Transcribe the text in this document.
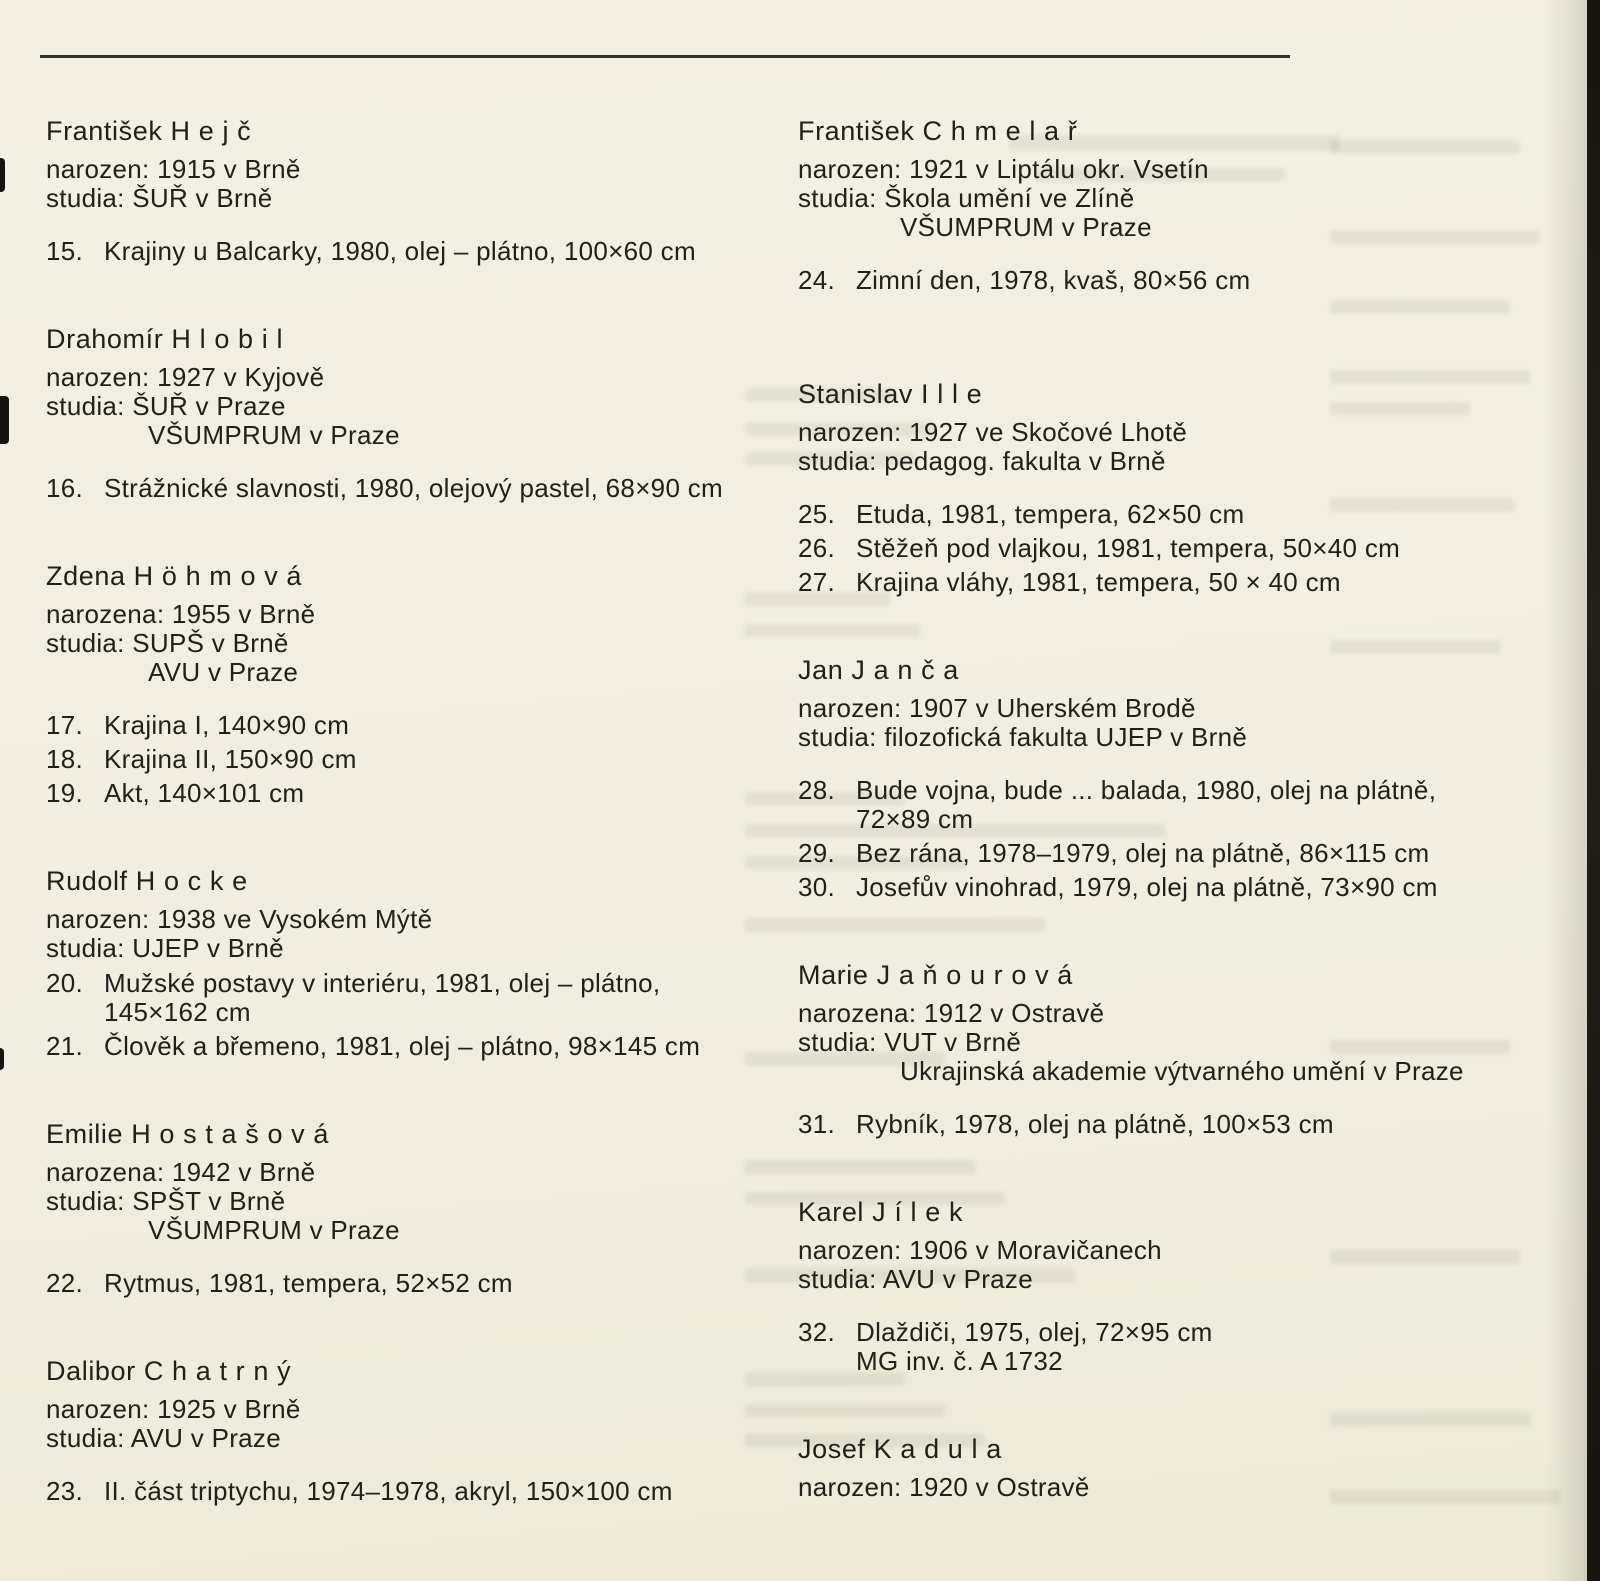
František H e j č
narozen: 1915 v Brně
studia: ŠUŘ v Brně
15. Krajiny u Balcarky, 1980, olej – plátno, 100×60 cm
Drahomír H l o b i l
narozen: 1927 v Kyjově
studia: ŠUŘ v Praze
VŠUMPRUM v Praze
16. Strážnické slavnosti, 1980, olejový pastel, 68×90 cm
Zdena H ö h m o v á
narozena: 1955 v Brně
studia: SUPŠ v Brně
AVU v Praze
17. Krajina I, 140×90 cm
18. Krajina II, 150×90 cm
19. Akt, 140×101 cm
Rudolf H o c k e
narozen: 1938 ve Vysokém Mýtě
studia: UJEP v Brně
20. Mužské postavy v interiéru, 1981, olej – plátno,
145×162 cm
21. Člověk a břemeno, 1981, olej – plátno, 98×145 cm
Emilie H o s t a š o v á
narozena: 1942 v Brně
studia: SPŠT v Brně
VŠUMPRUM v Praze
22. Rytmus, 1981, tempera, 52×52 cm
Dalibor C h a t r n ý
narozen: 1925 v Brně
studia: AVU v Praze
23. II. část triptychu, 1974–1978, akryl, 150×100 cm
František C h m e l a ř
narozen: 1921 v Liptálu okr. Vsetín
studia: Škola umění ve Zlíně
VŠUMPRUM v Praze
24. Zimní den, 1978, kvaš, 80×56 cm
Stanislav I l l e
narozen: 1927 ve Skočové Lhotě
studia: pedagog. fakulta v Brně
25. Etuda, 1981, tempera, 62×50 cm
26. Stěžeň pod vlajkou, 1981, tempera, 50×40 cm
27. Krajina vláhy, 1981, tempera, 50 × 40 cm
Jan J a n č a
narozen: 1907 v Uherském Brodě
studia: filozofická fakulta UJEP v Brně
28. Bude vojna, bude ... balada, 1980, olej na plátně,
72×89 cm
29. Bez rána, 1978–1979, olej na plátně, 86×115 cm
30. Josefův vinohrad, 1979, olej na plátně, 73×90 cm
Marie J a ň o u r o v á
narozena: 1912 v Ostravě
studia: VUT v Brně
Ukrajinská akademie výtvarného umění v Praze
31. Rybník, 1978, olej na plátně, 100×53 cm
Karel J í l e k
narozen: 1906 v Moravičanech
studia: AVU v Praze
32. Dlaždiči, 1975, olej, 72×95 cm
MG inv. č. A 1732
Josef K a d u l a
narozen: 1920 v Ostravě
